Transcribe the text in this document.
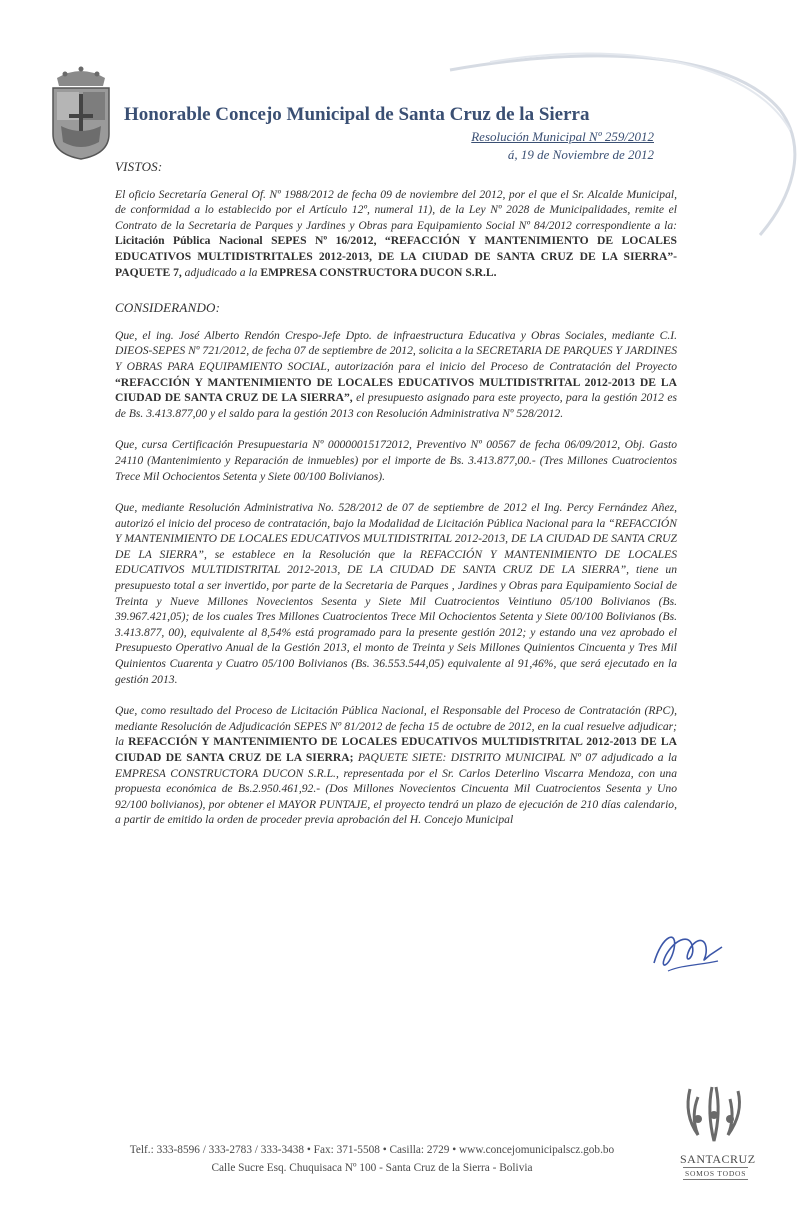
Honorable Concejo Municipal de Santa Cruz de la Sierra
Resolución Municipal Nº 259/2012
á, 19 de Noviembre de 2012
VISTOS:

El oficio Secretaría General Of. Nº 1988/2012 de fecha 09 de noviembre del 2012, por el que el Sr. Alcalde Municipal, de conformidad a lo establecido por el Artículo 12º, numeral 11), de la Ley Nº 2028 de Municipalidades, remite el Contrato de la Secretaria de Parques y Jardines y Obras para Equipamiento Social Nº 84/2012 correspondiente a la: Licitación Pública Nacional SEPES Nº 16/2012, “REFACCIÓN Y MANTENIMIENTO DE LOCALES EDUCATIVOS MULTIDISTRITALES 2012-2013, DE LA CIUDAD DE SANTA CRUZ DE LA SIERRA”- PAQUETE 7, adjudicado a la EMPRESA CONSTRUCTORA DUCON S.R.L.

CONSIDERANDO:

Que, el ing. José Alberto Rendón Crespo-Jefe Dpto. de infraestructura Educativa y Obras Sociales, mediante C.I. DIEOS-SEPES Nº 721/2012, de fecha 07 de septiembre de 2012, solicita a la SECRETARIA DE PARQUES Y JARDINES Y OBRAS PARA EQUIPAMIENTO SOCIAL, autorización para el inicio del Proceso de Contratación del Proyecto “REFACCIÓN Y MANTENIMIENTO DE LOCALES EDUCATIVOS MULTIDISTRITAL 2012-2013 DE LA CIUDAD DE SANTA CRUZ DE LA SIERRA”, el presupuesto asignado para este proyecto, para la gestión 2012 es de Bs. 3.413.877,00 y el saldo para la gestión 2013 con Resolución Administrativa Nº 528/2012.

Que, cursa Certificación Presupuestaria Nº 00000015172012, Preventivo Nº 00567 de fecha 06/09/2012, Obj. Gasto 24110 (Mantenimiento y Reparación de inmuebles) por el importe de Bs. 3.413.877,00.- (Tres Millones Cuatrocientos Trece Mil Ochocientos Setenta y Siete 00/100 Bolivianos).

Que, mediante Resolución Administrativa No. 528/2012 de 07 de septiembre de 2012 el Ing. Percy Fernández Añez, autorizó el inicio del proceso de contratación, bajo la Modalidad de Licitación Pública Nacional para la “REFACCIÓN Y MANTENIMIENTO DE LOCALES EDUCATIVOS MULTIDISTRITAL 2012-2013, DE LA CIUDAD DE SANTA CRUZ DE LA SIERRA”, se establece en la Resolución que la REFACCIÓN Y MANTENIMIENTO DE LOCALES EDUCATIVOS MULTIDISTRITAL 2012-2013, DE LA CIUDAD DE SANTA CRUZ DE LA SIERRA”, tiene un presupuesto total a ser invertido, por parte de la Secretaria de Parques , Jardines y Obras para Equipamiento Social de Treinta y Nueve Millones Novecientos Sesenta y Siete Mil Cuatrocientos Veintiuno 05/100 Bolivianos (Bs. 39.967.421,05); de los cuales Tres Millones Cuatrocientos Trece Mil Ochocientos Setenta y Siete 00/100 Bolivianos (Bs. 3.413.877, 00), equivalente al 8,54% está programado para la presente gestión 2012; y estando una vez aprobado el Presupuesto Operativo Anual de la Gestión 2013, el monto de Treinta y Seis Millones Quinientos Cincuenta y Tres Mil Quinientos Cuarenta y Cuatro 05/100 Bolivianos (Bs. 36.553.544,05) equivalente al 91,46%, que será ejecutado en la gestión 2013.

Que, como resultado del Proceso de Licitación Pública Nacional, el Responsable del Proceso de Contratación (RPC), mediante Resolución de Adjudicación SEPES Nº 81/2012 de fecha 15 de octubre de 2012, en la cual resuelve adjudicar; la REFACCIÓN Y MANTENIMIENTO DE LOCALES EDUCATIVOS MULTIDISTRITAL 2012-2013 DE LA CIUDAD DE SANTA CRUZ DE LA SIERRA; PAQUETE SIETE: DISTRITO MUNICIPAL Nº 07 adjudicado a la EMPRESA CONSTRUCTORA DUCON S.R.L., representada por el Sr. Carlos Deterlino Viscarra Mendoza, con una propuesta económica de Bs.2.950.461,92.- (Dos Millones Novecientos Cincuenta Mil Cuatrocientos Sesenta y Uno 92/100 bolivianos), por obtener el MAYOR PUNTAJE, el proyecto tendrá un plazo de ejecución de 210 días calendario, a partir de emitido la orden de proceder previa aprobación del H. Concejo Municipal

Telf.: 333-8596 / 333-2783 / 333-3438 • Fax: 371-5508 • Casilla: 2729 • www.concejomunicipalscz.gob.bo
Calle Sucre Esq. Chuquisaca Nº 100 - Santa Cruz de la Sierra - Bolivia
SANTACRUZ
SOMOS TODOS
